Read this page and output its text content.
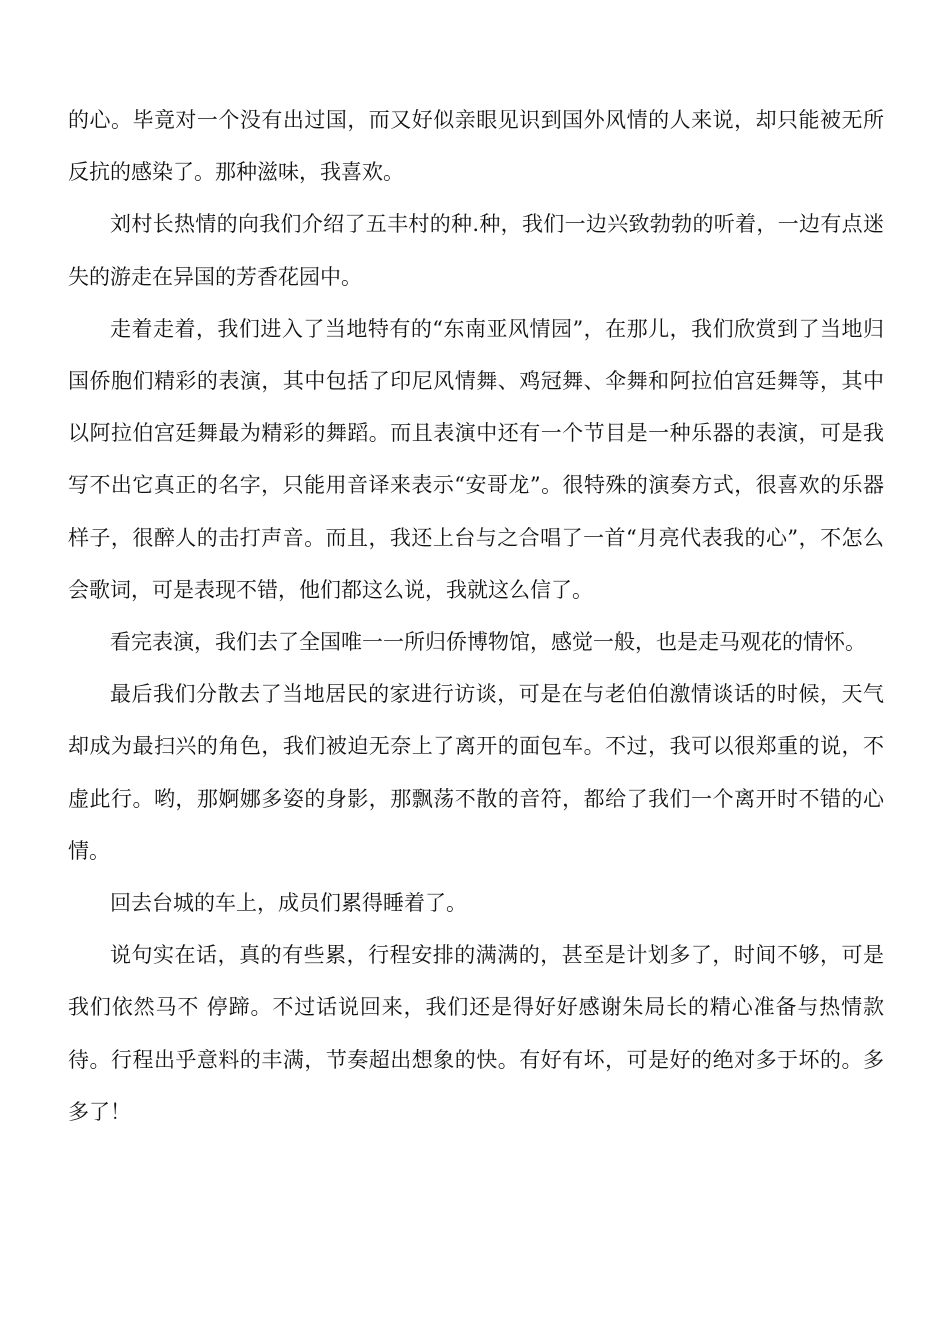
的心。毕竟对一个没有出过国，而又好似亲眼见识到国外风情的人来说，却只能被无所反抗的感染了。那种滋味，我喜欢。

刘村长热情的向我们介绍了五丰村的种.种，我们一边兴致勃勃的听着，一边有点迷失的游走在异国的芳香花园中。

走着走着，我们进入了当地特有的“东南亚风情园”，在那儿，我们欣赏到了当地归国侨胞们精彩的表演，其中包括了印尼风情舞、鸡冠舞、伞舞和阿拉伯宫廷舞等，其中以阿拉伯宫廷舞最为精彩的舞蹈。而且表演中还有一个节目是一种乐器的表演，可是我写不出它真正的名字，只能用音译来表示“安哥龙”。很特殊的演奏方式，很喜欢的乐器样子，很醉人的击打声音。而且，我还上台与之合唱了一首“月亮代表我的心”，不怎么会歌词，可是表现不错，他们都这么说，我就这么信了。

看完表演，我们去了全国唯一一所归侨博物馆，感觉一般，也是走马观花的情怀。

最后我们分散去了当地居民的家进行访谈，可是在与老伯伯激情谈话的时候，天气却成为最扫兴的角色，我们被迫无奈上了离开的面包车。不过，我可以很郑重的说，不虚此行。哟，那婀娜多姿的身影，那飘荡不散的音符，都给了我们一个离开时不错的心情。

回去台城的车上，成员们累得睡着了。

说句实在话，真的有些累，行程安排的满满的，甚至是计划多了，时间不够，可是我们依然马不 停蹄。不过话说回来，我们还是得好好感谢朱局长的精心准备与热情款待。行程出乎意料的丰满，节奏超出想象的快。有好有坏，可是好的绝对多于坏的。多多了！
